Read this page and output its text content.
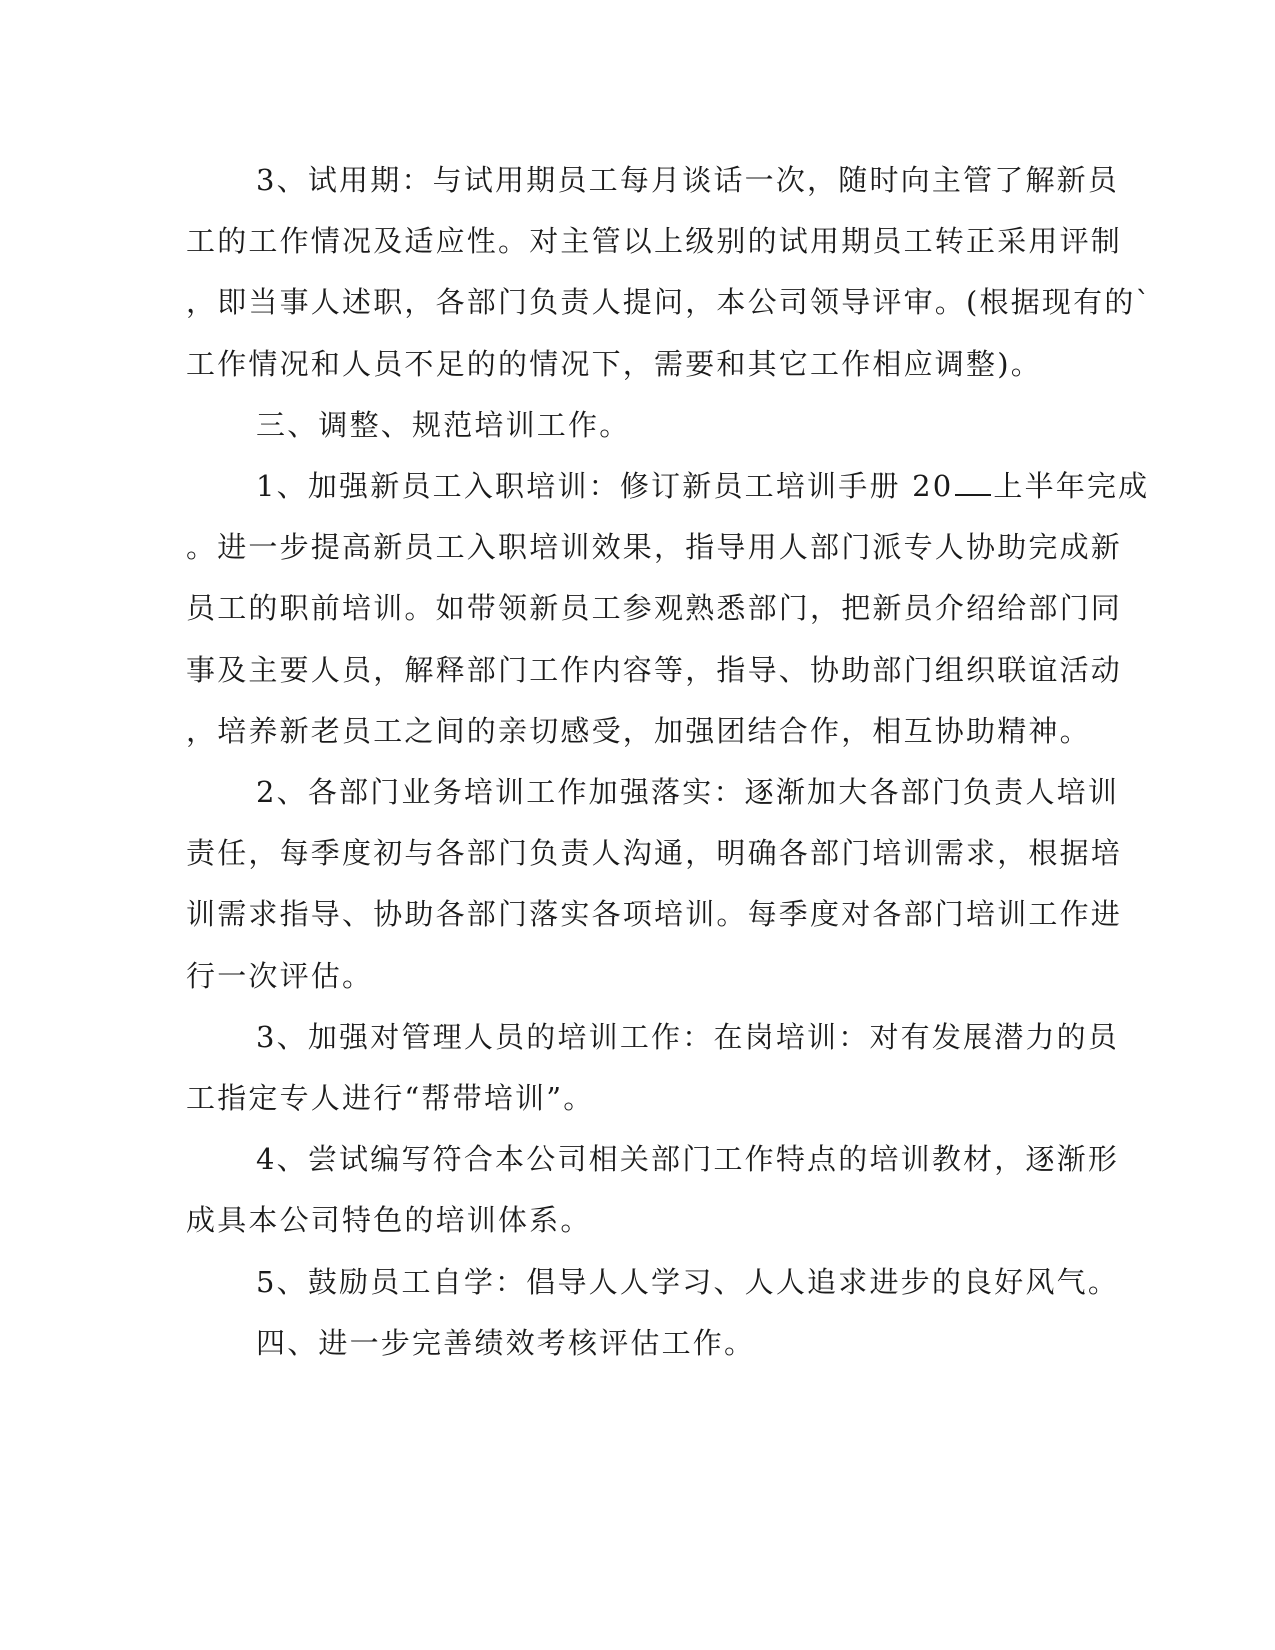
3、试用期：与试用期员工每月谈话一次，随时向主管了解新员
工的工作情况及适应性。对主管以上级别的试用期员工转正采用评制
，即当事人述职，各部门负责人提问，本公司领导评审。(根据现有的`
工作情况和人员不足的的情况下，需要和其它工作相应调整)。
三、调整、规范培训工作。
1、加强新员工入职培训：修订新员工培训手册 20 上半年完成
。进一步提高新员工入职培训效果，指导用人部门派专人协助完成新
员工的职前培训。如带领新员工参观熟悉部门，把新员介绍给部门同
事及主要人员，解释部门工作内容等，指导、协助部门组织联谊活动
，培养新老员工之间的亲切感受，加强团结合作，相互协助精神。
2、各部门业务培训工作加强落实：逐渐加大各部门负责人培训
责任，每季度初与各部门负责人沟通，明确各部门培训需求，根据培
训需求指导、协助各部门落实各项培训。每季度对各部门培训工作进
行一次评估。
3、加强对管理人员的培训工作：在岗培训：对有发展潜力的员
工指定专人进行“帮带培训”。
4、尝试编写符合本公司相关部门工作特点的培训教材，逐渐形
成具本公司特色的培训体系。
5、鼓励员工自学：倡导人人学习、人人追求进步的良好风气。
四、进一步完善绩效考核评估工作。
